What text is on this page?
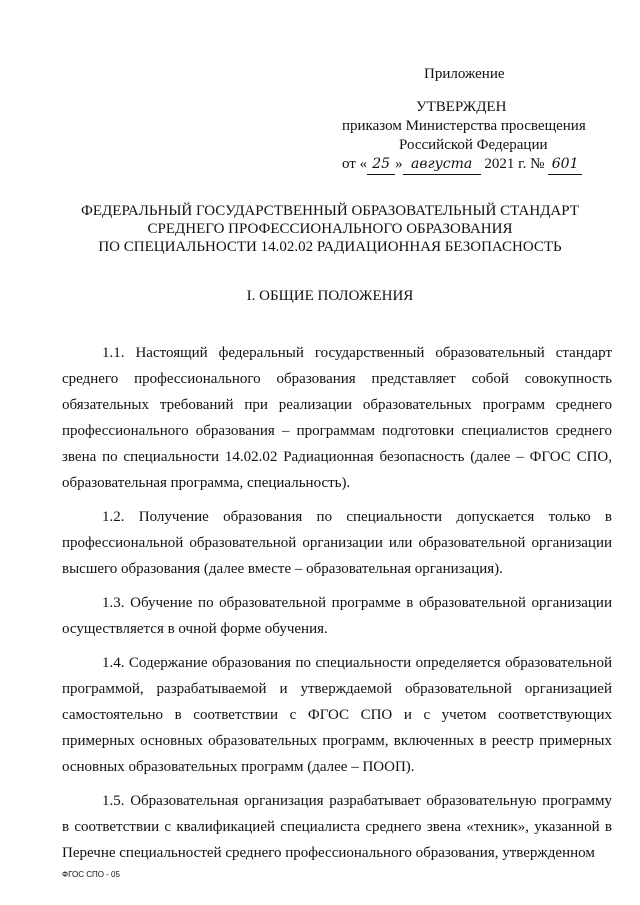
Приложение
УТВЕРЖДЕН
приказом Министерства просвещения
Российской Федерации
от « 25 » августа 2021 г. № 601
ФЕДЕРАЛЬНЫЙ ГОСУДАРСТВЕННЫЙ ОБРАЗОВАТЕЛЬНЫЙ СТАНДАРТ
СРЕДНЕГО ПРОФЕССИОНАЛЬНОГО ОБРАЗОВАНИЯ
ПО СПЕЦИАЛЬНОСТИ 14.02.02 РАДИАЦИОННАЯ БЕЗОПАСНОСТЬ
I. ОБЩИЕ ПОЛОЖЕНИЯ

1.1. Настоящий федеральный государственный образовательный стандарт среднего профессионального образования представляет собой совокупность обязательных требований при реализации образовательных программ среднего профессионального образования – программам подготовки специалистов среднего звена по специальности 14.02.02 Радиационная безопасность (далее – ФГОС СПО, образовательная программа, специальность).

1.2. Получение образования по специальности допускается только в профессиональной образовательной организации или образовательной организации высшего образования (далее вместе – образовательная организация).

1.3. Обучение по образовательной программе в образовательной организации осуществляется в очной форме обучения.

1.4. Содержание образования по специальности определяется образовательной программой, разрабатываемой и утверждаемой образовательной организацией самостоятельно в соответствии с ФГОС СПО и с учетом соответствующих примерных основных образовательных программ, включенных в реестр примерных основных образовательных программ (далее – ПООП).

1.5. Образовательная организация разрабатывает образовательную программу в соответствии с квалификацией специалиста среднего звена «техник», указанной в Перечне специальностей среднего профессионального образования, утвержденном

ФГОС СПО - 05
